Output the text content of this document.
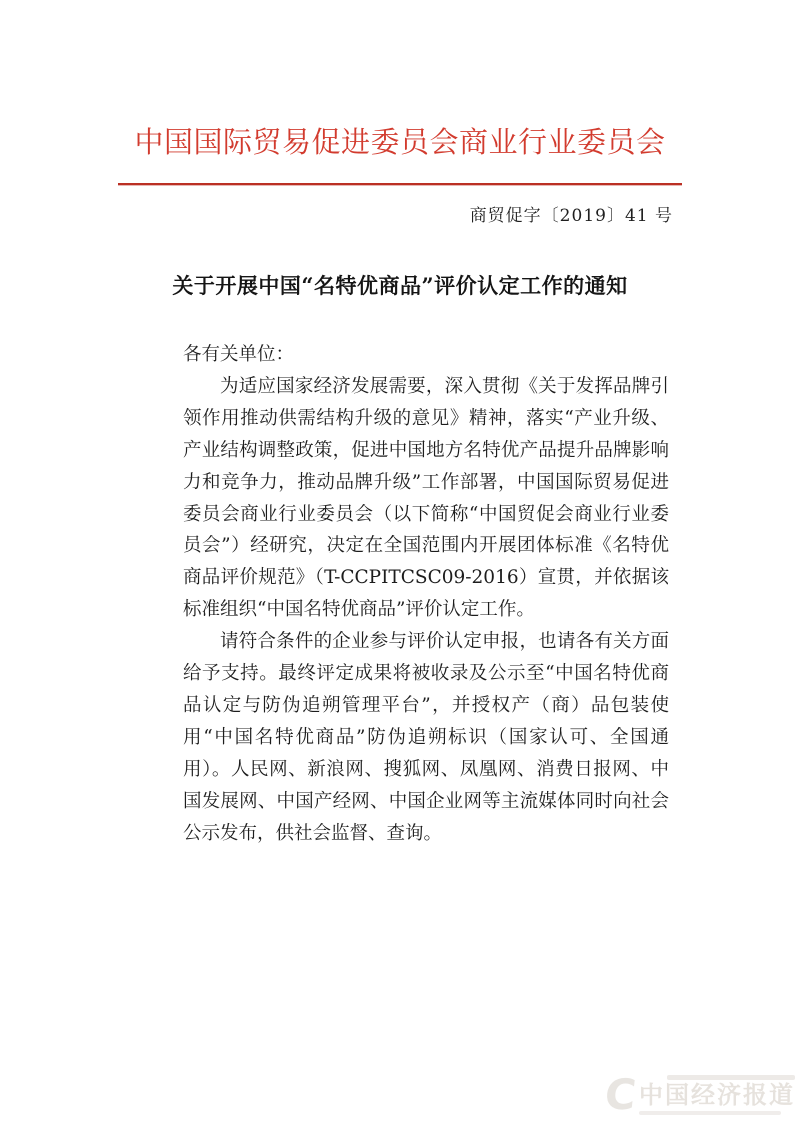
中国国际贸易促进委员会商业行业委员会
商贸促字〔2019〕41 号
关于开展中国“名特优商品”评价认定工作的通知

各有关单位：

为适应国家经济发展需要，深入贯彻《关于发挥品牌引领作用推动供需结构升级的意见》精神，落实“产业升级、产业结构调整政策，促进中国地方名特优产品提升品牌影响力和竞争力，推动品牌升级”工作部署，中国国际贸易促进委员会商业行业委员会（以下简称“中国贸促会商业行业委员会”）经研究，决定在全国范围内开展团体标准《名特优商品评价规范》（T-CCPITCSC09-2016）宣贯，并依据该标准组织“中国名特优商品”评价认定工作。

请符合条件的企业参与评价认定申报，也请各有关方面给予支持。最终评定成果将被收录及公示至“中国名特优商品认定与防伪追朔管理平台”，并授权产（商）品包装使用“中国名特优商品”防伪追朔标识（国家认可、全国通用）。人民网、新浪网、搜狐网、凤凰网、消费日报网、中国发展网、中国产经网、中国企业网等主流媒体同时向社会公示发布，供社会监督、查询。

C 中国经济报道
